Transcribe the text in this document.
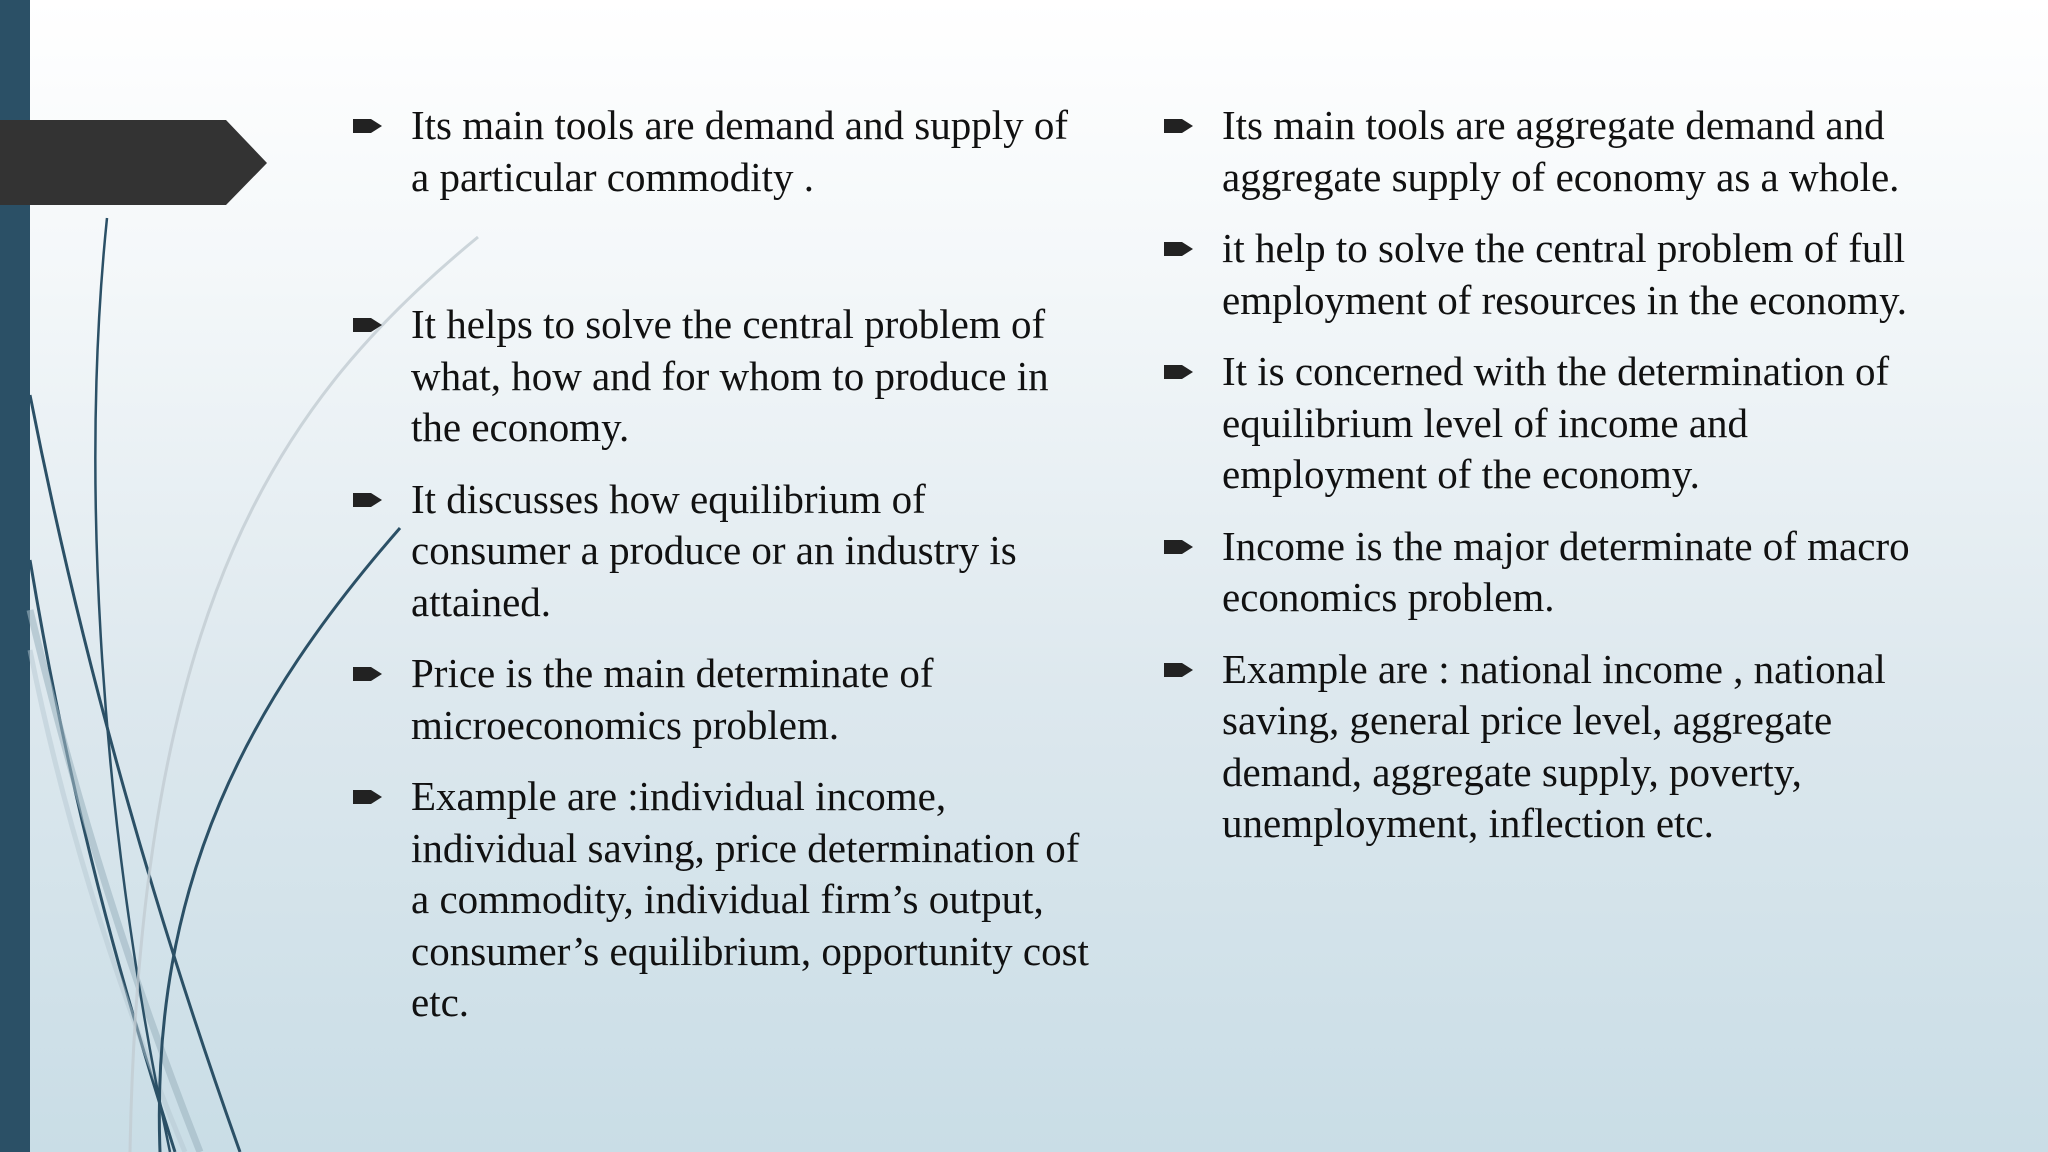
Its main tools are demand and supply of a particular commodity .
It helps to solve the central problem of what, how and for whom to produce in the economy.
It discusses how equilibrium of consumer a produce or an industry is attained.
Price is the main determinate of microeconomics problem.
Example are :individual income, individual saving, price determination of a commodity, individual firm’s output, consumer’s equilibrium, opportunity cost etc.
Its main tools are aggregate demand and aggregate supply of economy as a whole.
it help to solve the central problem of full employment of resources in the economy.
It is concerned with the determination of equilibrium level of income and employment of the economy.
Income is the major determinate of macro economics problem.
Example are : national income , national saving, general price level, aggregate demand, aggregate supply, poverty, unemployment, inflection etc.
